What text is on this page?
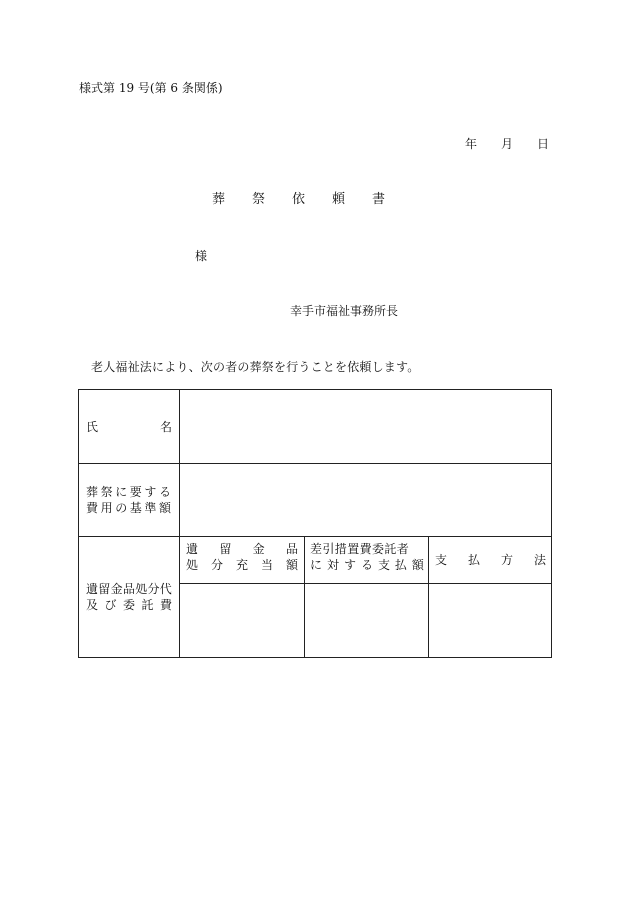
様式第 19 号(第 6 条関係)
年 月 日
葬 祭 依 頼 書
様
幸手市福祉事務所長
老人福祉法により、次の者の葬祭を行うことを依頼します。
氏	名
葬祭に要する
費用の基準額
遺留金品処分代
及 び 委 託 費
遺 留 金 品
処 分 充 当 額
差引措置費委託者
に 対 す る 支 払 額 支 払 方 法
